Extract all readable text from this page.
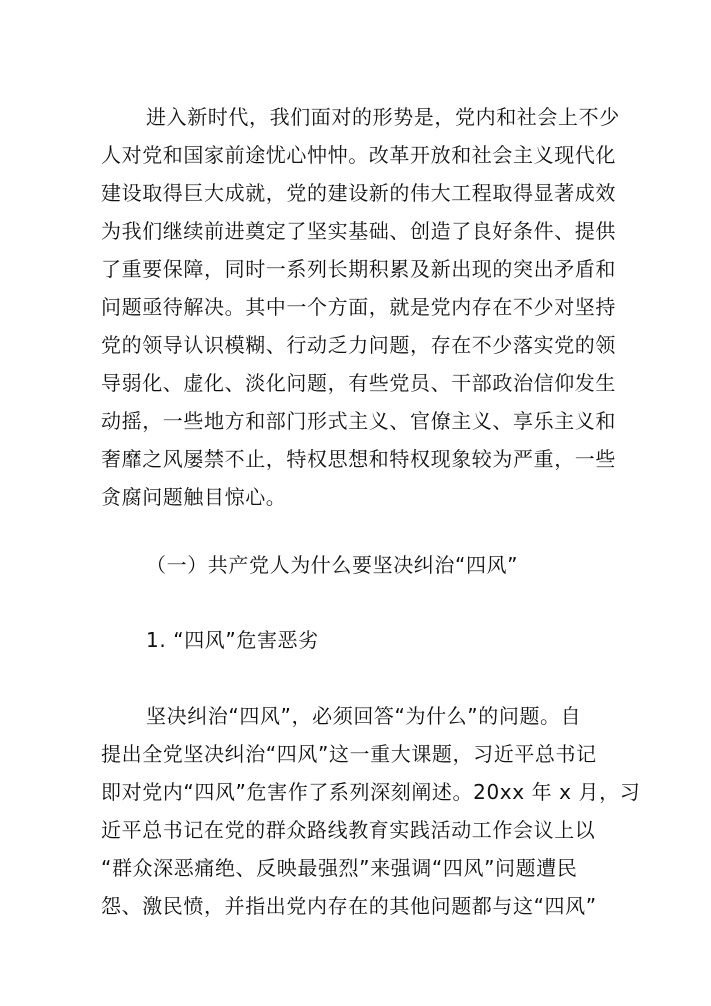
进入新时代，我们面对的形势是，党内和社会上不少
人对党和国家前途忧心忡忡。改革开放和社会主义现代化
建设取得巨大成就，党的建设新的伟大工程取得显著成效
为我们继续前进奠定了坚实基础、创造了良好条件、提供
了重要保障，同时一系列长期积累及新出现的突出矛盾和
问题亟待解决。其中一个方面，就是党内存在不少对坚持
党的领导认识模糊、行动乏力问题，存在不少落实党的领
导弱化、虚化、淡化问题，有些党员、干部政治信仰发生
动摇，一些地方和部门形式主义、官僚主义、享乐主义和
奢靡之风屡禁不止，特权思想和特权现象较为严重，一些
贪腐问题触目惊心。
（一）共产党人为什么要坚决纠治“四风”
1. “四风”危害恶劣
坚决纠治“四风”，必须回答“为什么”的问题。自
提出全党坚决纠治“四风”这一重大课题，习近平总书记
即对党内“四风”危害作了系列深刻阐述。20xx 年 x 月，习
近平总书记在党的群众路线教育实践活动工作会议上以
“群众深恶痛绝、反映最强烈”来强调“四风”问题遭民
怨、激民愤，并指出党内存在的其他问题都与这“四风”
